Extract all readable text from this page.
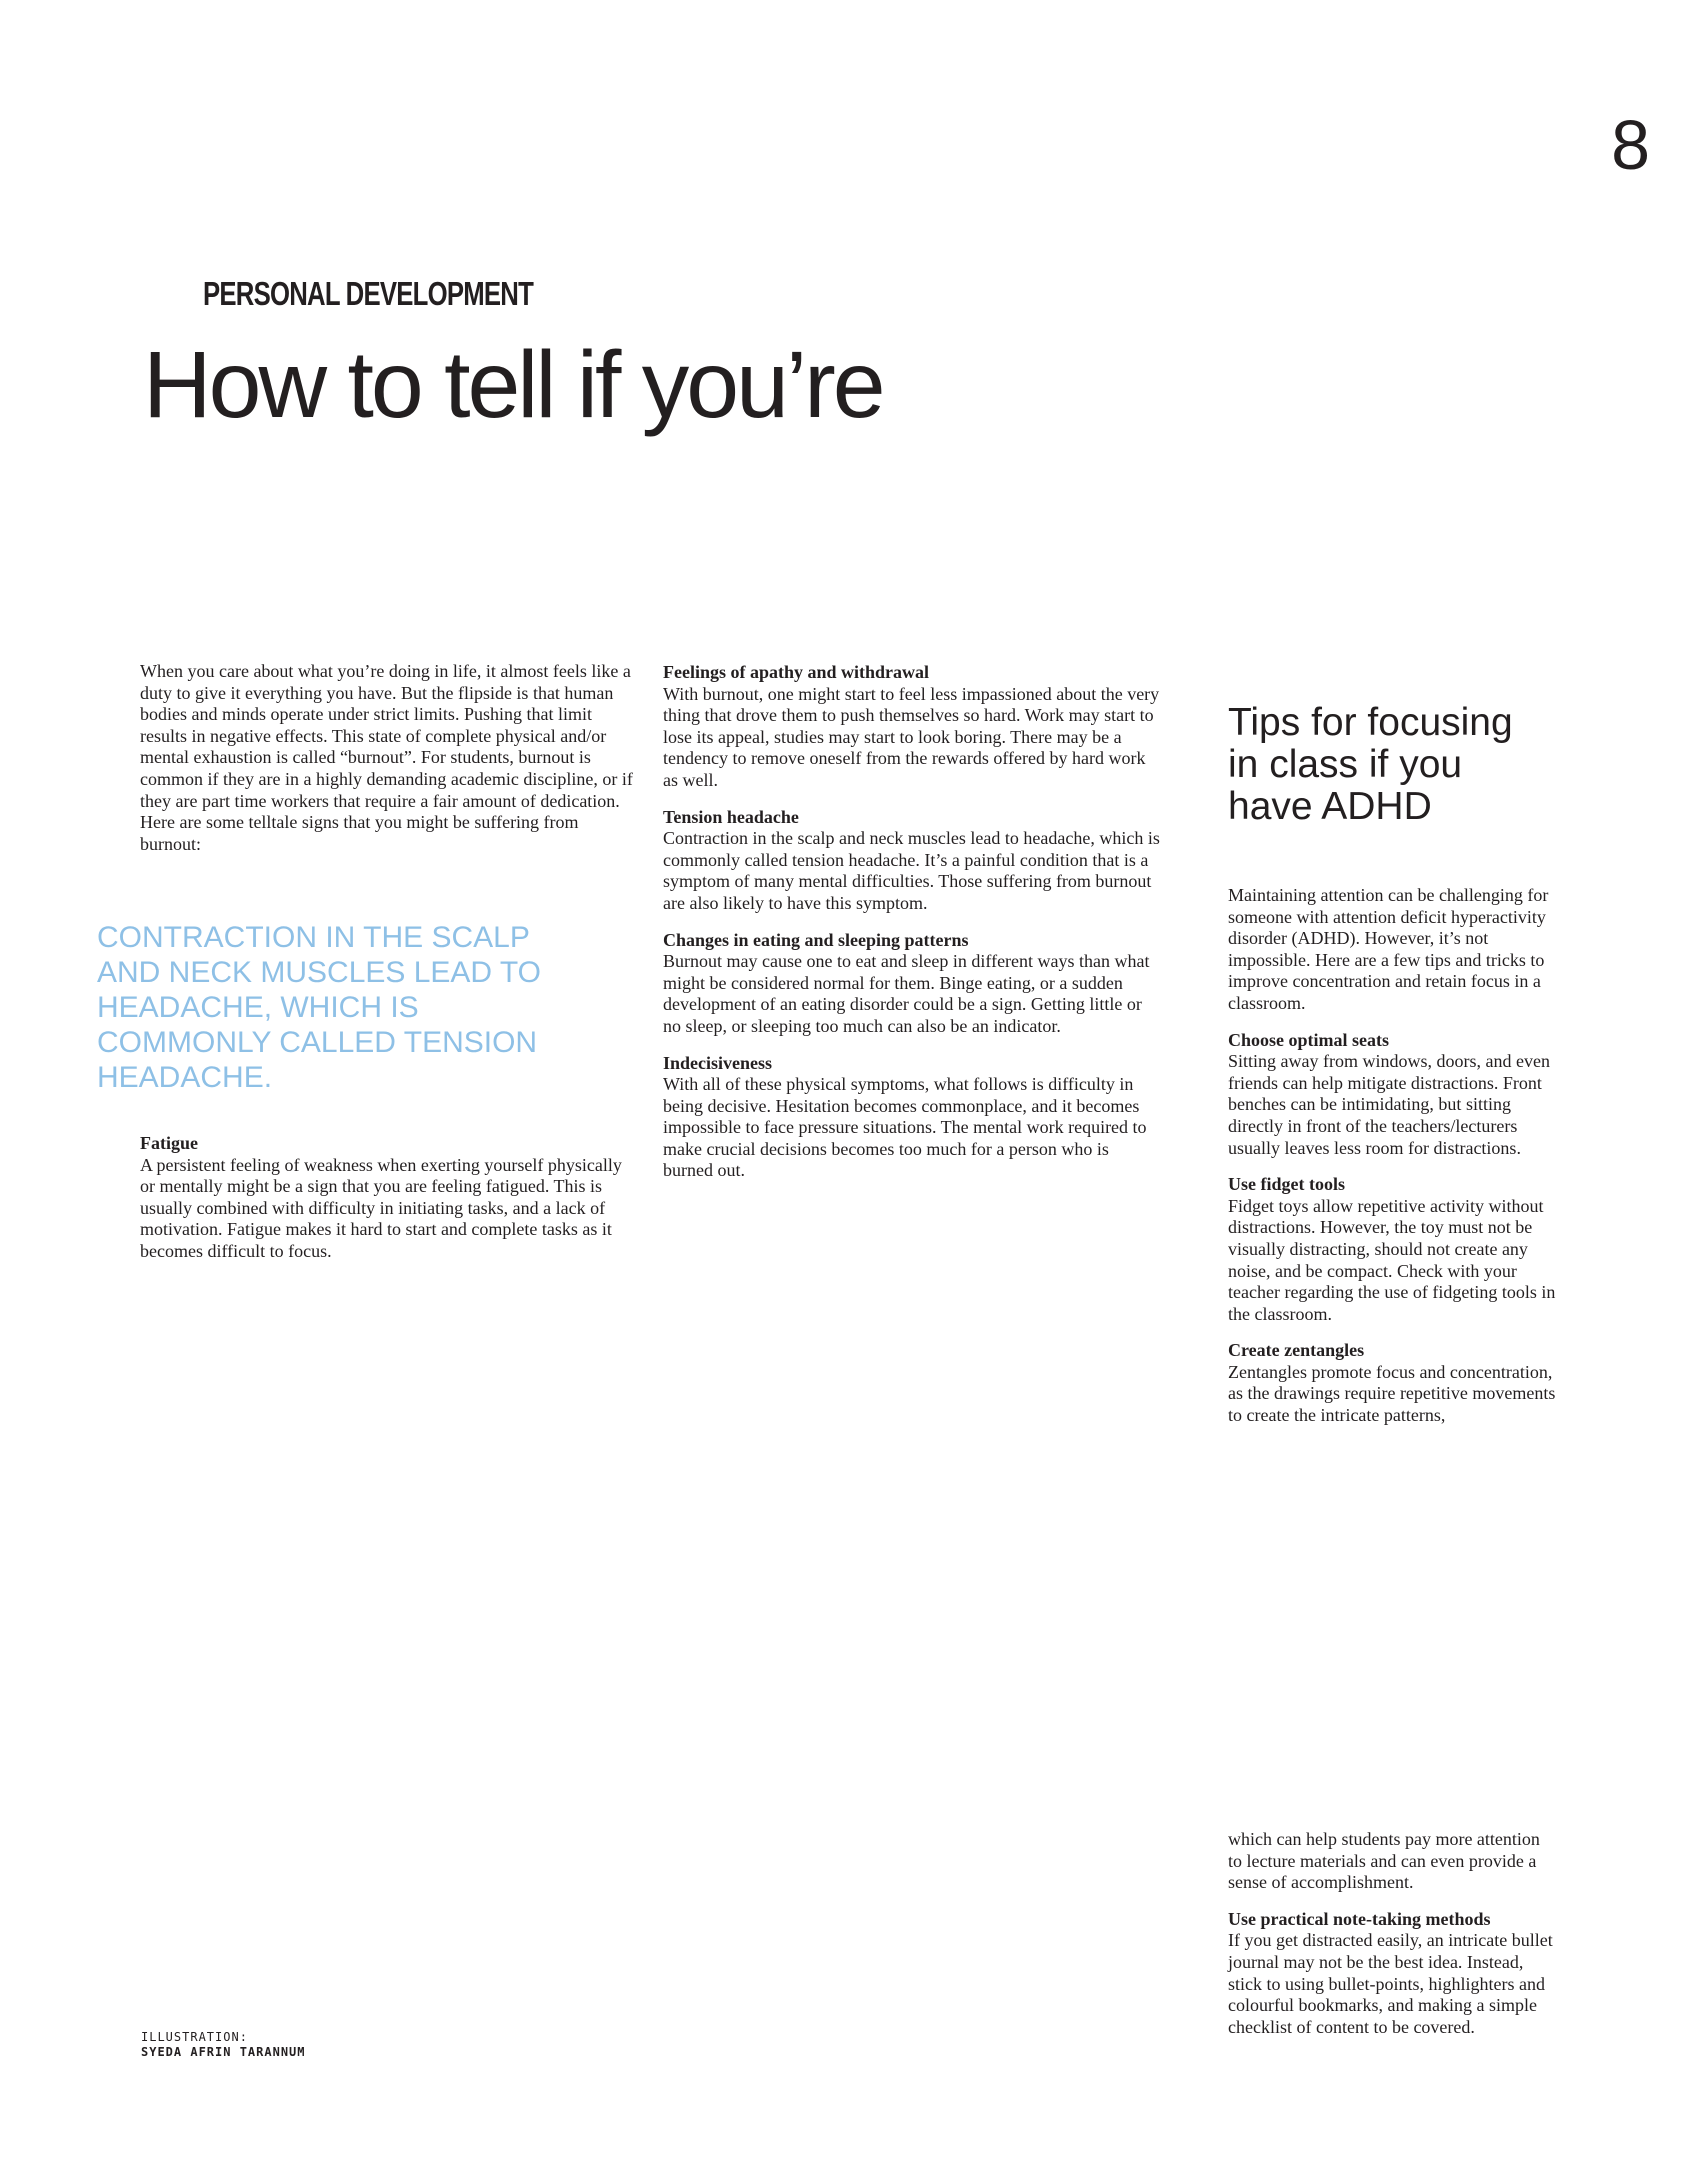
8
PERSONAL DEVELOPMENT
How to tell if you’re

When you care about what you’re doing in life, it almost feels like a duty to give it everything you have. But the flipside is that human bodies and minds operate under strict limits. Pushing that limit results in negative effects. This state of complete physical and/or mental exhaustion is called “burnout”. For students, burnout is common if they are in a highly demanding academic discipline, or if they are part time workers that require a fair amount of dedication. Here are some telltale signs that you might be suffering from burnout:

CONTRACTION IN THE SCALP AND NECK MUSCLES LEAD TO HEADACHE, WHICH IS COMMONLY CALLED TENSION HEADACHE.
Fatigue

A persistent feeling of weakness when exerting yourself physically or mentally might be a sign that you are feeling fatigued. This is usually combined with difficulty in initiating tasks, and a lack of motivation. Fatigue makes it hard to start and complete tasks as it becomes difficult to focus.

Feelings of apathy and withdrawal

With burnout, one might start to feel less impassioned about the very thing that drove them to push themselves so hard. Work may start to lose its appeal, studies may start to look boring. There may be a tendency to remove oneself from the rewards offered by hard work as well.

Tension headache

Contraction in the scalp and neck muscles lead to headache, which is commonly called tension headache. It’s a painful condition that is a symptom of many mental difficulties. Those suffering from burnout are also likely to have this symptom.

Changes in eating and sleeping patterns

Burnout may cause one to eat and sleep in different ways than what might be considered normal for them. Binge eating, or a sudden development of an eating disorder could be a sign. Getting little or no sleep, or sleeping too much can also be an indicator.

Indecisiveness

With all of these physical symptoms, what follows is difficulty in being decisive. Hesitation becomes commonplace, and it becomes impossible to face pressure situations. The mental work required to make crucial decisions becomes too much for a person who is burned out.

Tips for focusing in class if you have ADHD

Maintaining attention can be challenging for someone with attention deficit hyperactivity disorder (ADHD). However, it’s not impossible. Here are a few tips and tricks to improve concentration and retain focus in a classroom.

Choose optimal seats

Sitting away from windows, doors, and even friends can help mitigate distractions. Front benches can be intimidating, but sitting directly in front of the teachers/lecturers usually leaves less room for distractions.

Use fidget tools

Fidget toys allow repetitive activity without distractions. However, the toy must not be visually distracting, should not create any noise, and be compact. Check with your teacher regarding the use of fidgeting tools in the classroom.

Create zentangles

Zentangles promote focus and concentration, as the drawings require repetitive movements to create the intricate patterns,

which can help students pay more attention to lecture materials and can even provide a sense of accomplishment.

Use practical note-taking methods

If you get distracted easily, an intricate bullet journal may not be the best idea. Instead, stick to using bullet-points, highlighters and colourful bookmarks, and making a simple checklist of content to be covered.

ILLUSTRATION:
SYEDA AFRIN TARANNUM
